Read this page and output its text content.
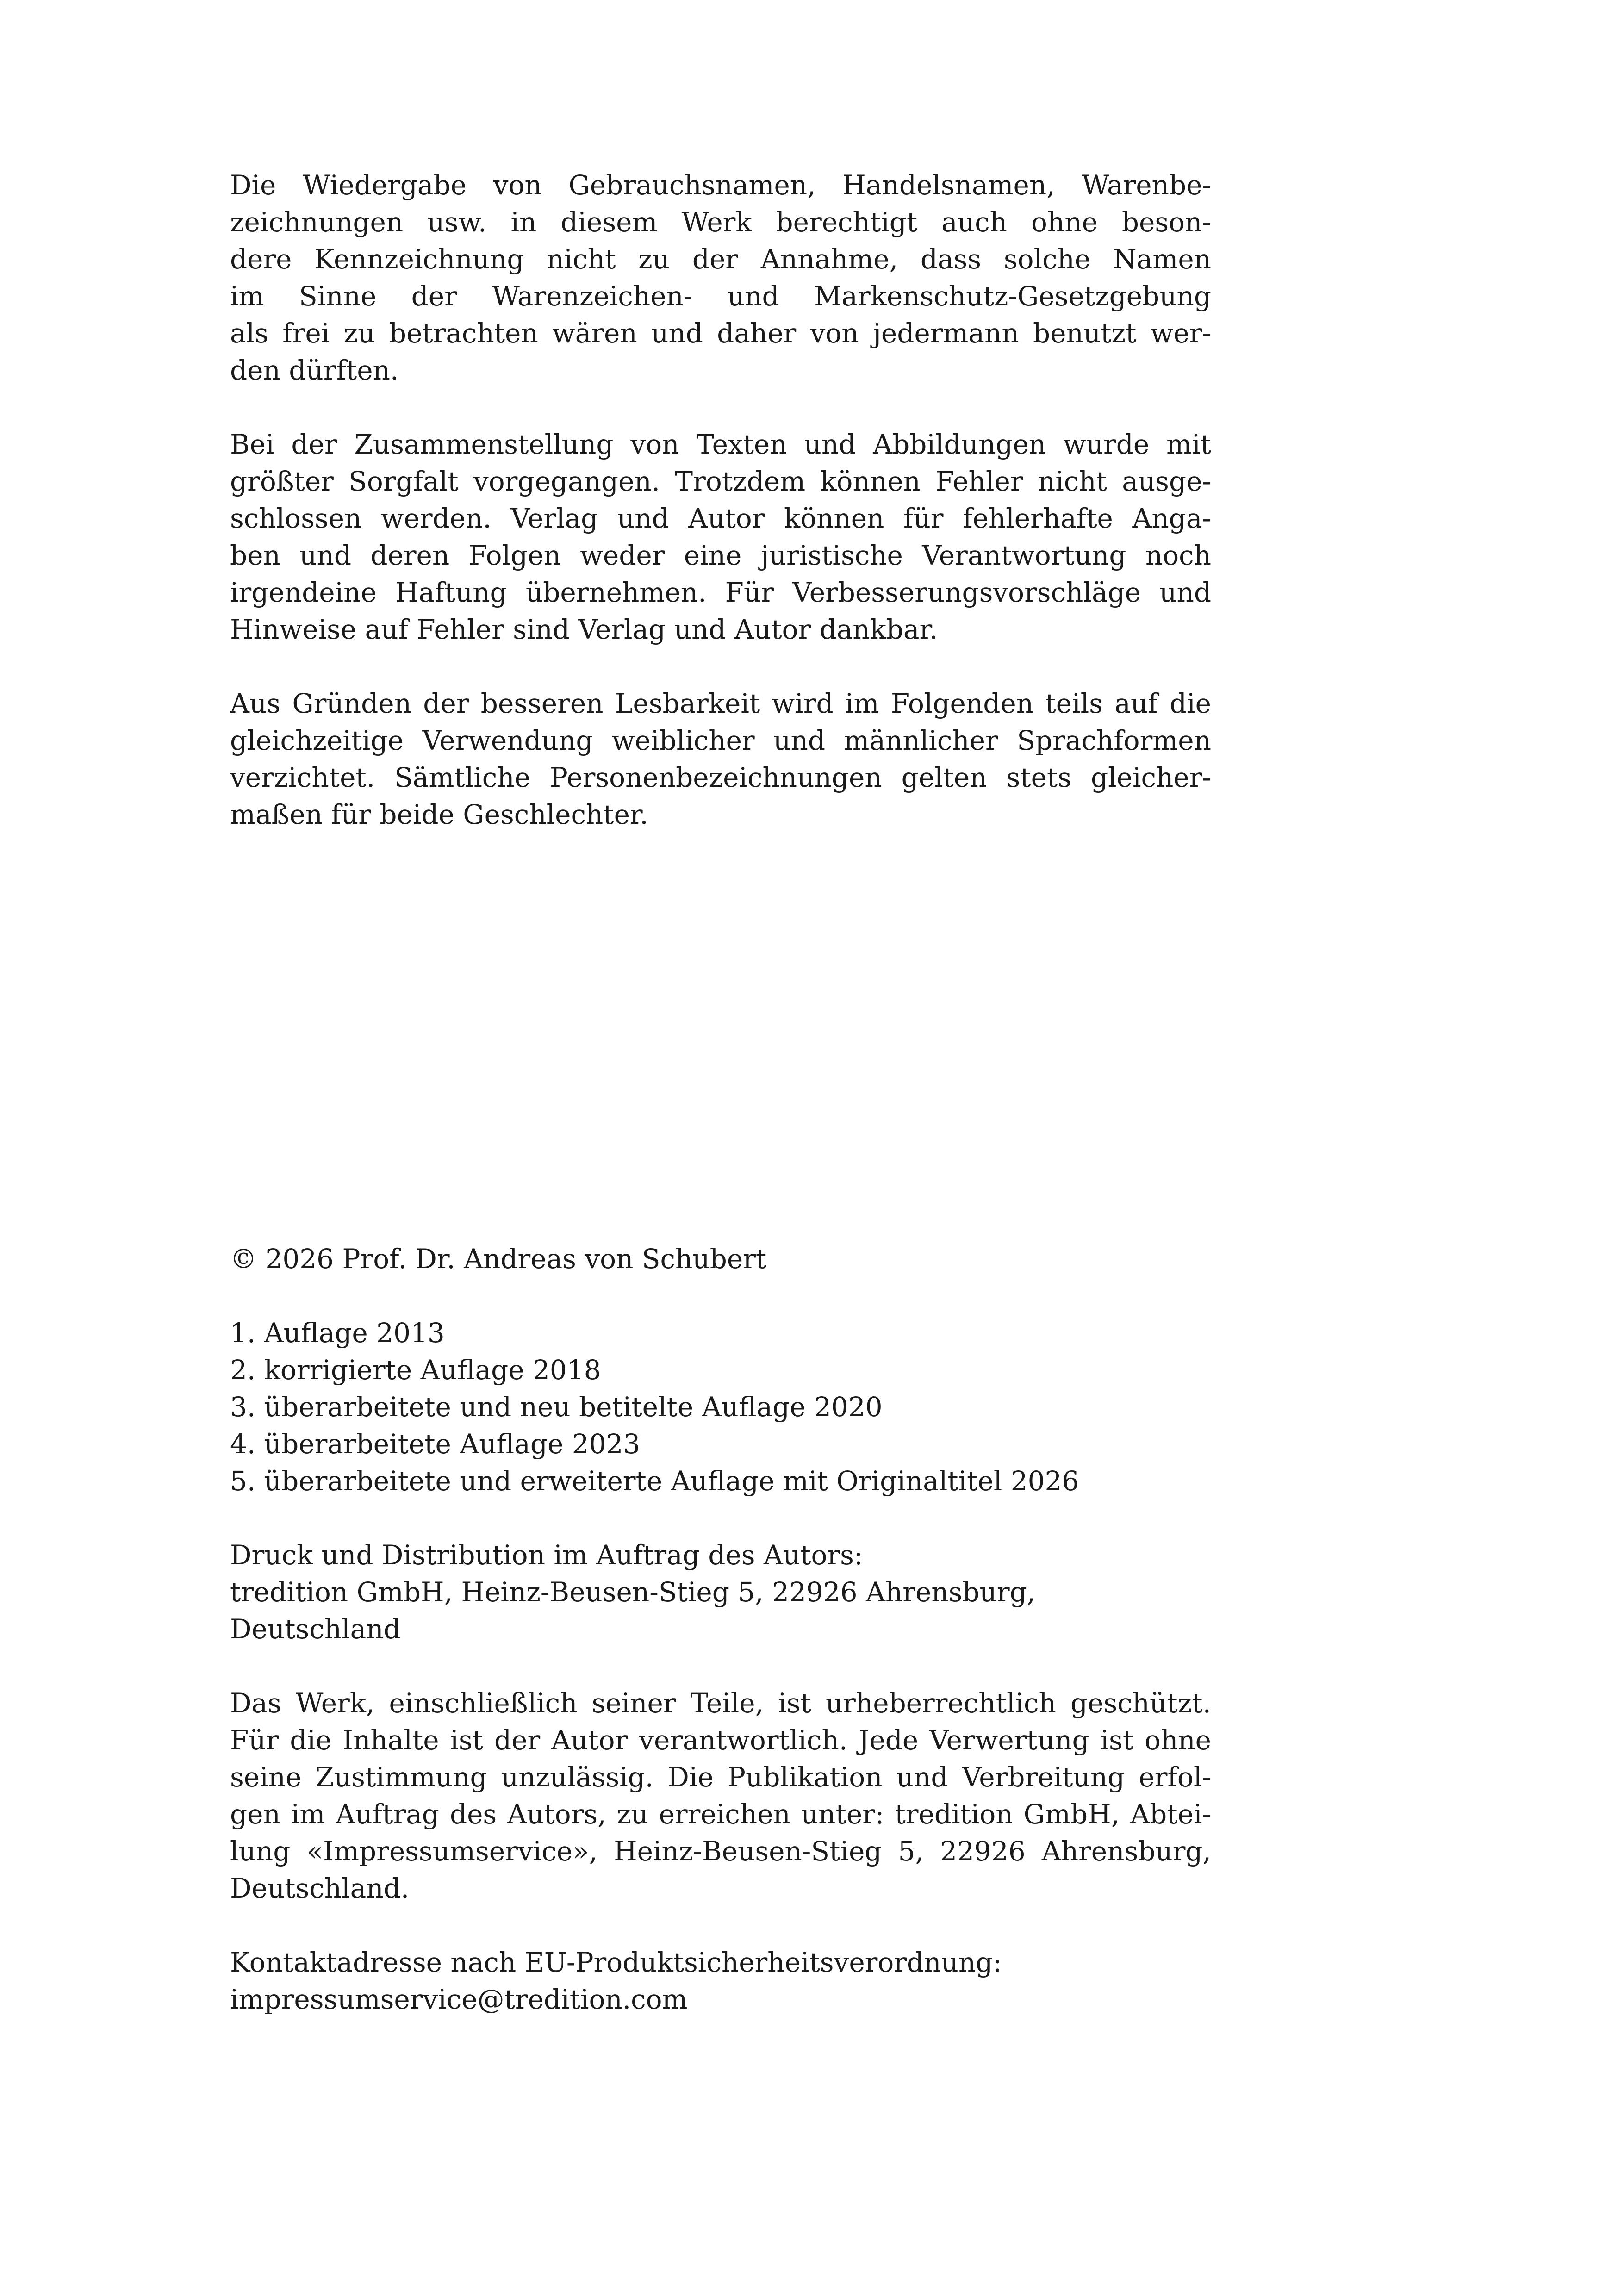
Die Wiedergabe von Gebrauchsnamen, Handelsnamen, Warenbe-
zeichnungen usw. in diesem Werk berechtigt auch ohne beson-
dere Kennzeichnung nicht zu der Annahme, dass solche Namen
im Sinne der Warenzeichen- und Markenschutz-Gesetzgebung
als frei zu betrachten wären und daher von jedermann benutzt wer-
den dürften.

Bei der Zusammenstellung von Texten und Abbildungen wurde mit
größter Sorgfalt vorgegangen. Trotzdem können Fehler nicht ausge-
schlossen werden. Verlag und Autor können für fehlerhafte Anga-
ben und deren Folgen weder eine juristische Verantwortung noch
irgendeine Haftung übernehmen. Für Verbesserungsvorschläge und
Hinweise auf Fehler sind Verlag und Autor dankbar.

Aus Gründen der besseren Lesbarkeit wird im Folgenden teils auf die
gleichzeitige Verwendung weiblicher und männlicher Sprachformen
verzichtet. Sämtliche Personenbezeichnungen gelten stets gleicher-
maßen für beide Geschlechter.

© 2026 Prof. Dr. Andreas von Schubert
1. Auflage 2013
2. korrigierte Auflage 2018
3. überarbeitete und neu betitelte Auflage 2020
4. überarbeitete Auflage 2023
5. überarbeitete und erweiterte Auflage mit Originaltitel 2026
Druck und Distribution im Auftrag des Autors:
tredition GmbH, Heinz-Beusen-Stieg 5, 22926 Ahrensburg,
Deutschland

Das Werk, einschließlich seiner Teile, ist urheberrechtlich geschützt.
Für die Inhalte ist der Autor verantwortlich. Jede Verwertung ist ohne
seine Zustimmung unzulässig. Die Publikation und Verbreitung erfol-
gen im Auftrag des Autors, zu erreichen unter: tredition GmbH, Abtei-
lung «Impressumservice», Heinz-Beusen-Stieg 5, 22926 Ahrensburg,
Deutschland.

Kontaktadresse nach EU-Produktsicherheitsverordnung:
impressumservice@tredition.com
